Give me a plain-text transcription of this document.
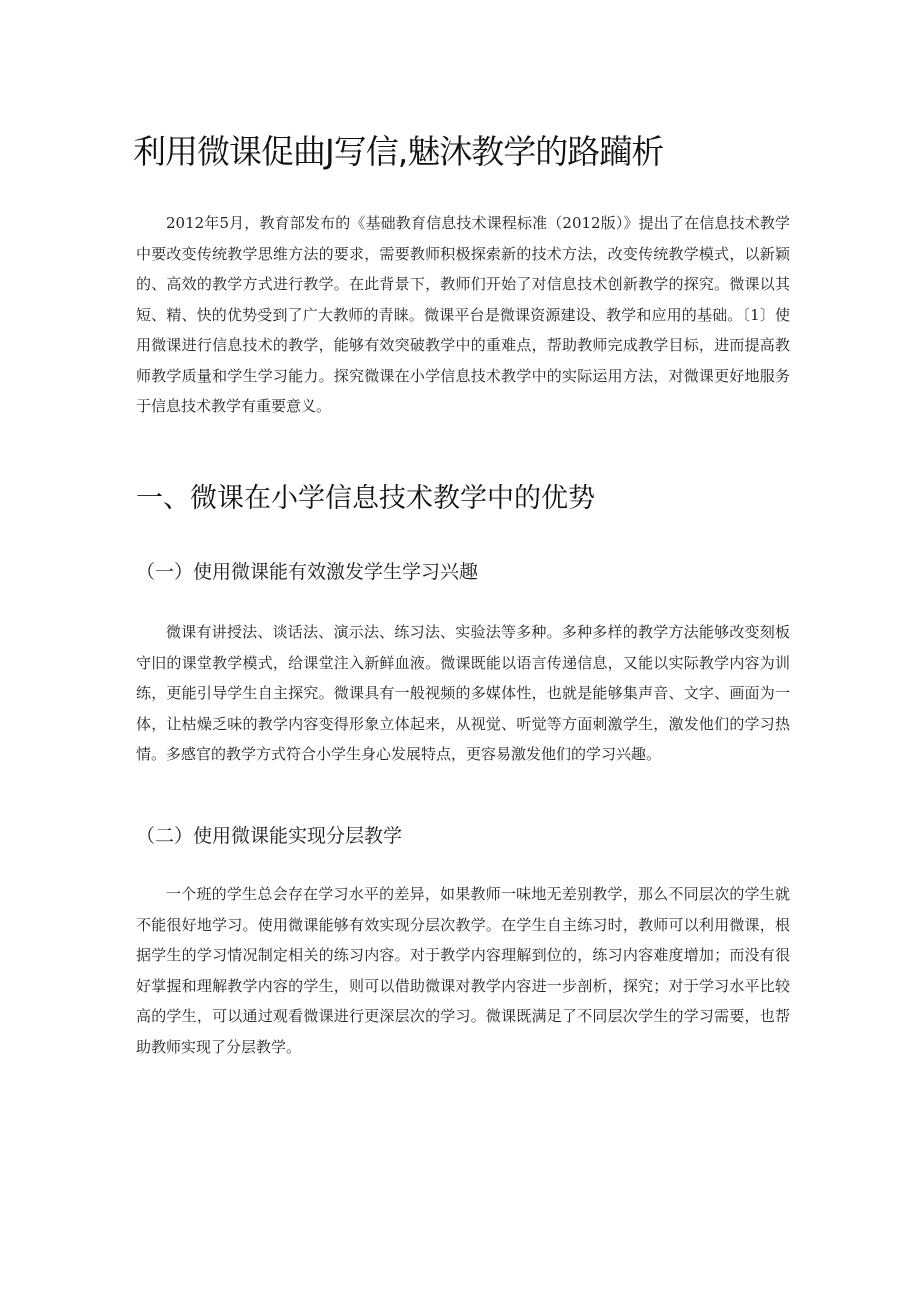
利用微课促曲J写信,魅沐教学的路躏析

2012年5月，教育部发布的《基础教育信息技术课程标准（2012版）》提出了在信息技术教学中要改变传统教学思维方法的要求，需要教师积极探索新的技术方法，改变传统教学模式，以新颖的、高效的教学方式进行教学。在此背景下，教师们开始了对信息技术创新教学的探究。微课以其短、精、快的优势受到了广大教师的青睐。微课平台是微课资源建设、教学和应用的基础。〔1〕使用微课进行信息技术的教学，能够有效突破教学中的重难点，帮助教师完成教学目标，进而提高教师教学质量和学生学习能力。探究微课在小学信息技术教学中的实际运用方法，对微课更好地服务于信息技术教学有重要意义。

一、微课在小学信息技术教学中的优势
（一）使用微课能有效激发学生学习兴趣

微课有讲授法、谈话法、演示法、练习法、实验法等多种。多种多样的教学方法能够改变刻板守旧的课堂教学模式，给课堂注入新鲜血液。微课既能以语言传递信息，又能以实际教学内容为训练，更能引导学生自主探究。微课具有一般视频的多媒体性，也就是能够集声音、文字、画面为一体，让枯燥乏味的教学内容变得形象立体起来，从视觉、听觉等方面刺激学生，激发他们的学习热情。多感官的教学方式符合小学生身心发展特点，更容易激发他们的学习兴趣。

（二）使用微课能实现分层教学

一个班的学生总会存在学习水平的差异，如果教师一味地无差别教学，那么不同层次的学生就不能很好地学习。使用微课能够有效实现分层次教学。在学生自主练习时，教师可以利用微课，根据学生的学习情况制定相关的练习内容。对于教学内容理解到位的，练习内容难度增加；而没有很好掌握和理解教学内容的学生，则可以借助微课对教学内容进一步剖析，探究；对于学习水平比较高的学生，可以通过观看微课进行更深层次的学习。微课既满足了不同层次学生的学习需要，也帮助教师实现了分层教学。
